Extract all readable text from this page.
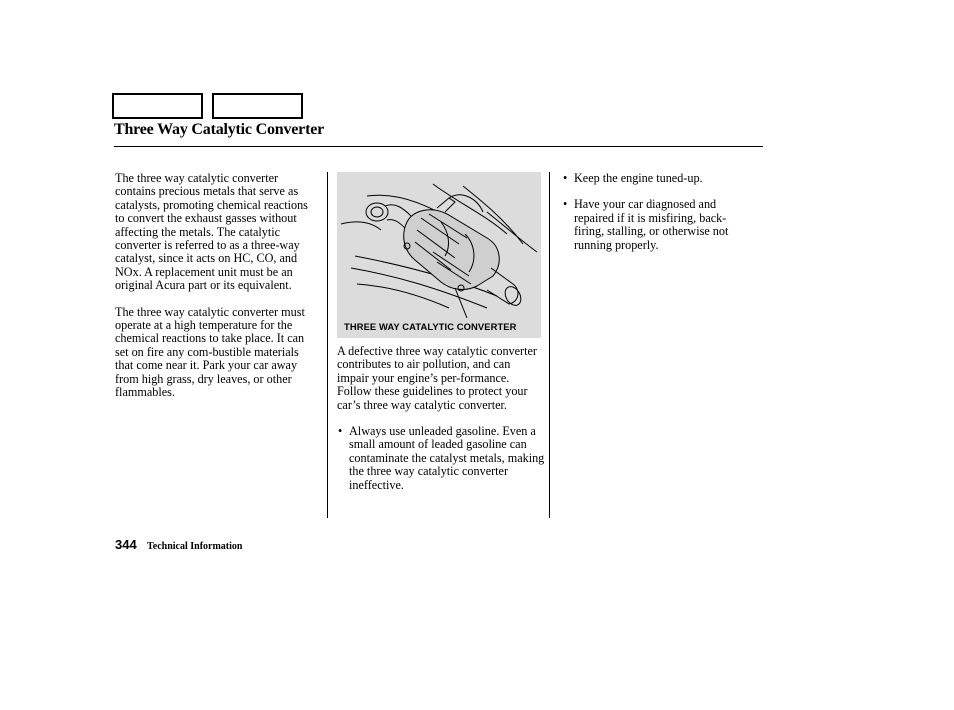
Three Way Catalytic Converter

The three way catalytic converter contains precious metals that serve as catalysts, promoting chemical reactions to convert the exhaust gasses without affecting the metals. The catalytic converter is referred to as a three-way catalyst, since it acts on HC, CO, and NOx. A replacement unit must be an original Acura part or its equivalent.

The three way catalytic converter must operate at a high temperature for the chemical reactions to take place. It can set on fire any com-bustible materials that come near it. Park your car away from high grass, dry leaves, or other flammables.

THREE WAY CATALYTIC CONVERTER

A defective three way catalytic converter contributes to air pollution, and can impair your engine’s per-formance. Follow these guidelines to protect your car’s three way catalytic converter.

• Always use unleaded gasoline. Even a small amount of leaded gasoline can contaminate the catalyst metals, making the three way catalytic converter ineffective.
• Keep the engine tuned-up.
• Have your car diagnosed and repaired if it is misfiring, back-firing, stalling, or otherwise not running properly.
344 Technical Information
